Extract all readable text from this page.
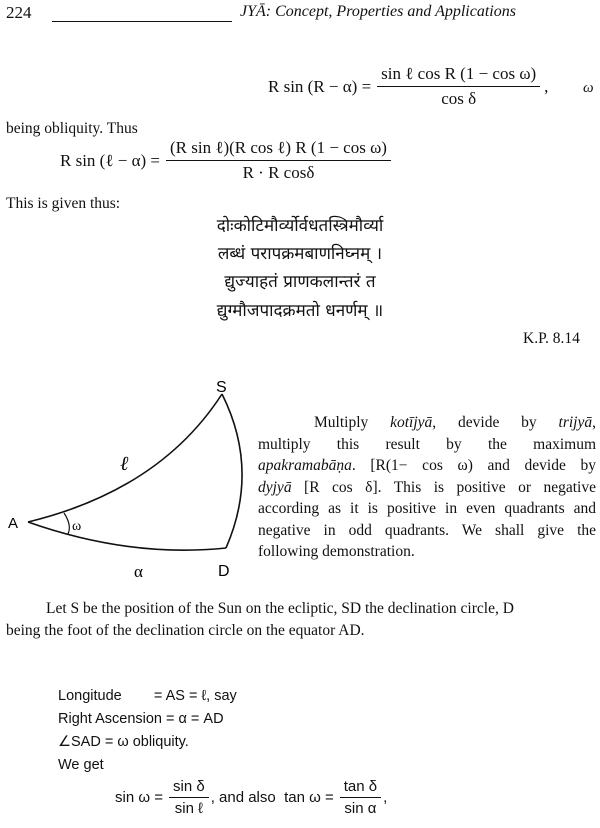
224	JYĀ: Concept, Properties and Applications
R $\sin (R - \alpha) = \frac{\text{sin ℓ cos R (1 − cos ω)}}{\text{cos δ}}$ , ω
being obliquity. Thus
R sin (ℓ − $\alpha) = \frac{\text{(R sin ℓ)(R cos ℓ) R (1 − cos ω)}}{\text{R · R cosδ}}$
This is given thus:
दोःकोटिमौर्व्योर्वधतस्त्रिमौर्व्या
लब्धं परापक्रमबाणनिघ्नम् ।
द्युज्याहतं प्राणकलान्तरं त
द्युग्मौजपादक्रमतो धनर्णम् ॥
K.P. 8.14
S
A
D
ℓ
α
ω
Multiply kotījyā, devide by trijyā,
multiply this result by the maximum
apakramabāṇa. [R(1− cos ω) and devide by
dyjyā [R cos δ]. This is positive or negative
according as it is positive in even quadrants and
negative in odd quadrants. We shall give the
following demonstration.
Let S be the position of the Sun on the ecliptic, SD the declination circle, D
being the foot of the declination circle on the equator AD.
Longitude        = AS = ℓ, say
Right Ascension = α = AD
∠SAD = ω obliquity.
We get
$\sin \omega = \frac{\text{sin δ}}{\text{sin ℓ}}$ , and also  $\tan \omega = \frac{\text{tan δ}}{\text{sin α}}$ ,
